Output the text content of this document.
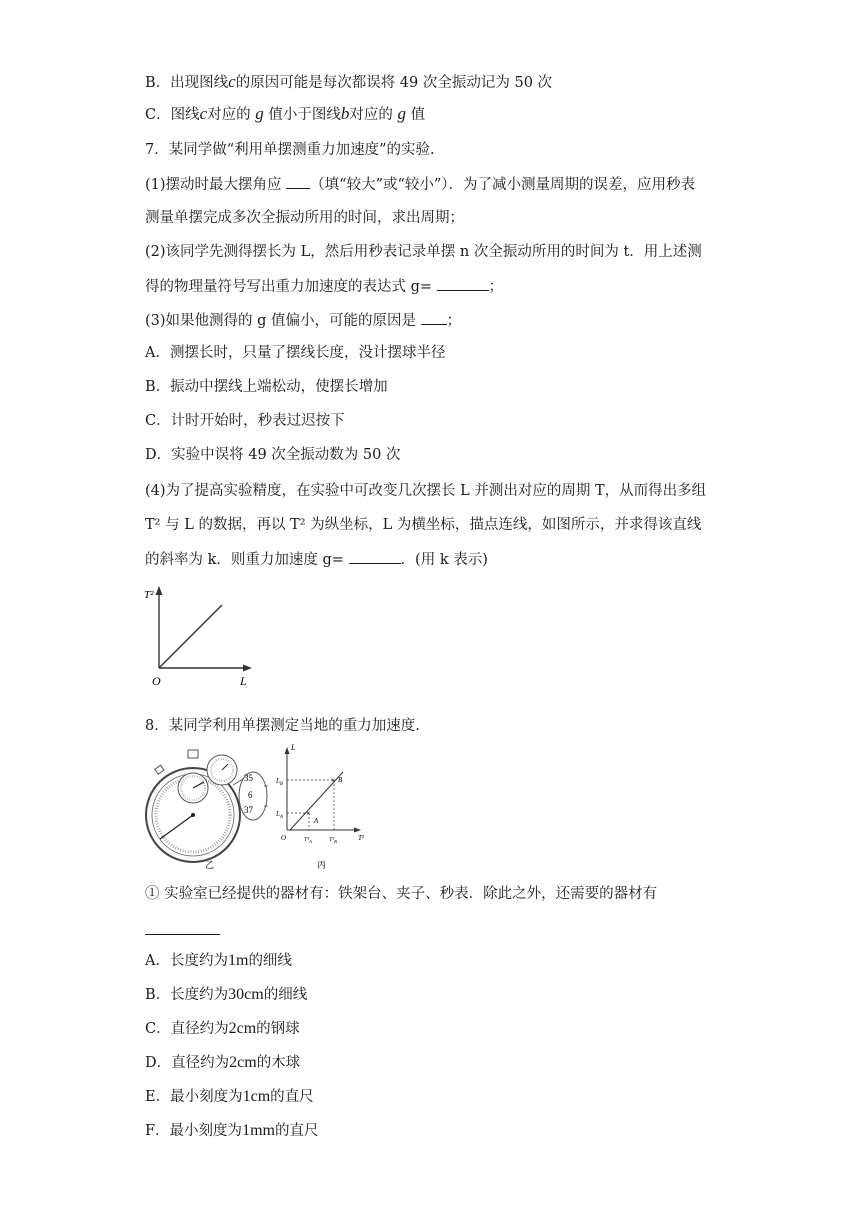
B．出现图线c的原因可能是每次都误将 49 次全振动记为 50 次
C．图线c对应的 g 值小于图线b对应的 g 值
7．某同学做“利用单摆测重力加速度”的实验.
(1)摆动时最大摆角应 （填“较大”或“较小”）．为了减小测量周期的误差，应用秒表
测量单摆完成多次全振动所用的时间，求出周期；
(2)该同学先测得摆长为 L，然后用秒表记录单摆 n 次全振动所用的时间为 t．用上述测
得的物理量符号写出重力加速度的表达式 g=	；
(3)如果他测得的 g 值偏小，可能的原因是 ；
A．测摆长时，只量了摆线长度，没计摆球半径
B．振动中摆线上端松动，使摆长增加
C．计时开始时，秒表过迟按下
D．实验中误将 49 次全振动数为 50 次
(4)为了提高实验精度，在实验中可改变几次摆长 L 并测出对应的周期 T，从而得出多组
T² 与 L 的数据，再以 T² 为纵坐标，L 为横坐标，描点连线，如图所示，并求得该直线
的斜率为 k．则重力加速度 g=	．(用 k 表示)
T²
O	L
8．某同学利用单摆测定当地的重力加速度.
35
6
37
乙
×
×
L
T²
$L_B$
$L_A$	A
B
O	$T^2_A$	$T^2_B$
丙
① 实验室已经提供的器材有：铁架台、夹子、秒表．除此之外，还需要的器材有
A．长度约为1m的细线
B．长度约为30cm的细线
C．直径约为2cm的钢球
D．直径约为2cm的木球
E．最小刻度为1cm的直尺
F．最小刻度为1mm的直尺
